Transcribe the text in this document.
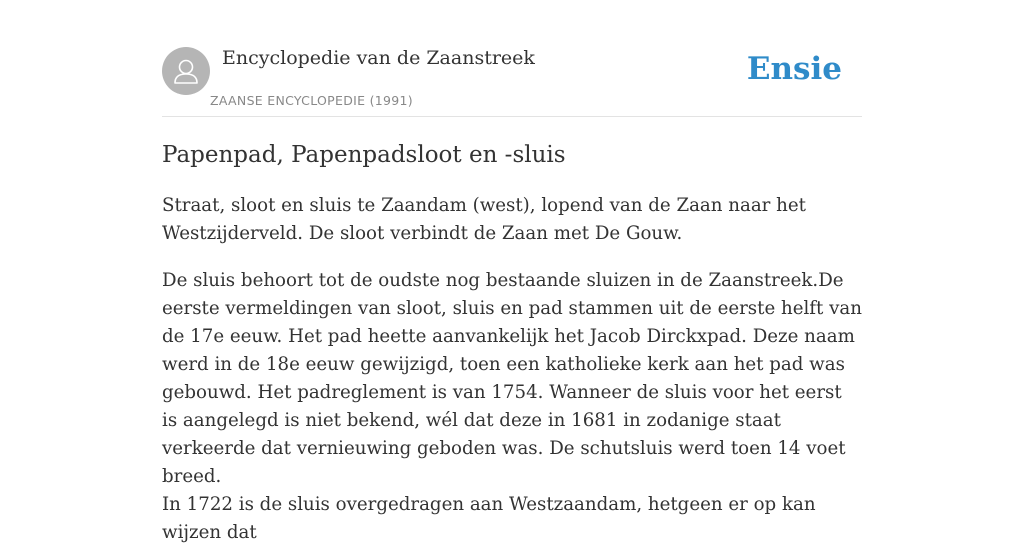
Encyclopedie van de Zaanstreek
ZAANSE ENCYCLOPEDIE (1991)
Ensie
Papenpad, Papenpadsloot en -sluis

Straat, sloot en sluis te Zaandam (west), lopend van de Zaan naar het Westzijderveld. De sloot verbindt de Zaan met De Gouw.

De sluis behoort tot de oudste nog bestaande sluizen in de Zaanstreek.De eerste vermeldingen van sloot, sluis en pad stammen uit de eerste helft van de 17e eeuw. Het pad heette aanvankelijk het Jacob Dirckxpad. Deze naam werd in de 18e eeuw gewijzigd, toen een katholieke kerk aan het pad was gebouwd. Het padreglement is van 1754. Wanneer de sluis voor het eerst is aangelegd is niet bekend, wél dat deze in 1681 in zodanige staat verkeerde dat vernieuwing geboden was. De schutsluis werd toen 14 voet breed.

In 1722 is de sluis overgedragen aan Westzaandam, hetgeen er op kan wijzen dat
